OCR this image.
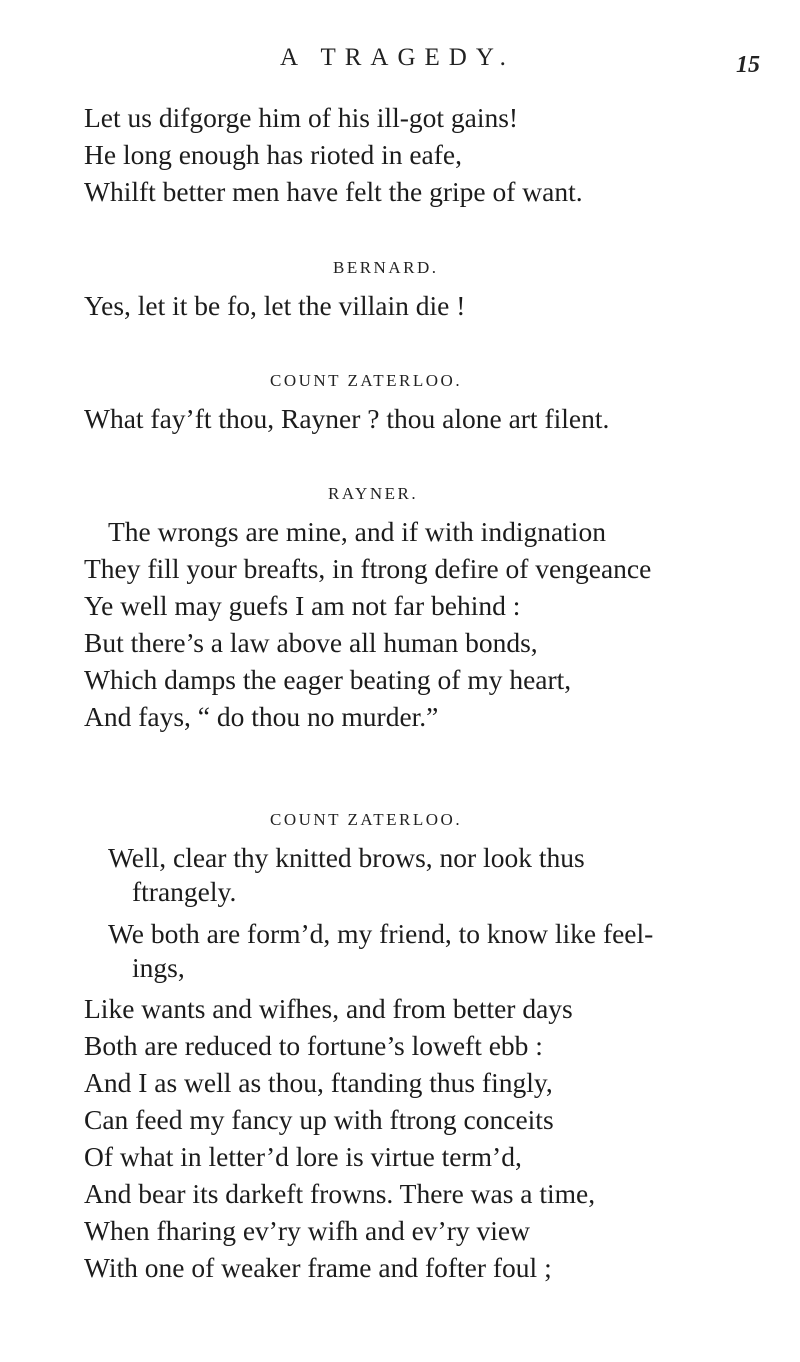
A TRAGEDY.	15
Let us difgorge him of his ill-got gains!
He long enough has rioted in eafe,
Whilft better men have felt the gripe of want.
BERNARD.
Yes, let it be fo, let the villain die !
COUNT ZATERLOO.
What fay’ft thou, Rayner ? thou alone art filent.
RAYNER.
The wrongs are mine, and if with indignation
They fill your breafts, in ftrong defire of vengeance
Ye well may guefs I am not far behind :
But there’s a law above all human bonds,
Which damps the eager beating of my heart,
And fays, “ do thou no murder.”
COUNT ZATERLOO.
Well, clear thy knitted brows, nor look thus
ftrangely.
We both are form’d, my friend, to know like feel-
ings,
Like wants and wifhes, and from better days
Both are reduced to fortune’s loweft ebb :
And I as well as thou, ftanding thus fingly,
Can feed my fancy up with ftrong conceits
Of what in letter’d lore is virtue term’d,
And bear its darkeft frowns. There was a time,
When fharing ev’ry wifh and ev’ry view
With one of weaker frame and fofter foul ;
